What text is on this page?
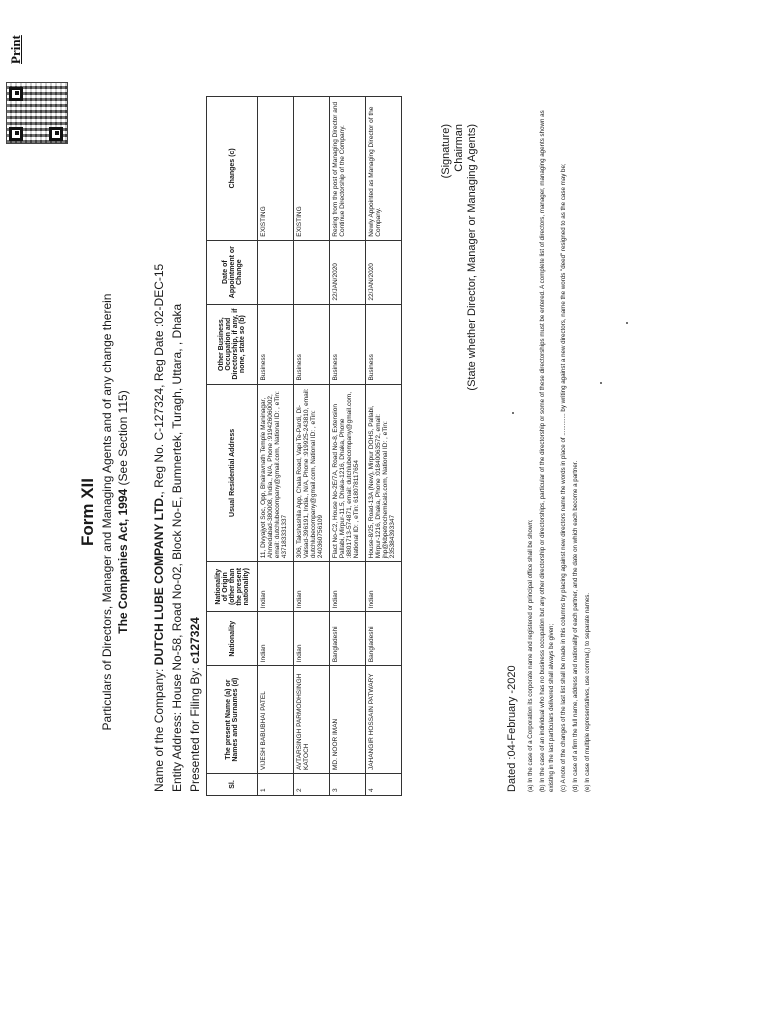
Print
Form XII Particulars of Directors, Manager and Managing Agents and of any change therein The Companies Act, 1994 (See Section 115)
Name of the Company: DUTCH LUBE COMPANY LTD., Reg No. C-127324, Reg Date :02-DEC-15 Entity Address: House No-58, Road No-02, Block No-E, Bumnertek, Turagh, Uttara, , Dhaka Presented for Filing By: c127324
Sl.	The present Name (a) or Names and Surnames (d)	Nationality	Nationality of Origin (other than the present nationality)	Usual Residential Address	Other Business, Occupation and Directorship, if any, if none, state so (b)	Date of Appointment or Change	Changes (c)
1	VIJESH BABUBHAI PATEL	Indian	Indian	11, Divyajyot Soc, Opp, Bhairavnath Temple Maninagar, Ahmedabad-380008, India., N/A, Phone :919426060002, email: dutchlubecompany@gmail.com, National ID: , eTin: 437183331337	Business		EXISTING
2	AVTARSINGH PARMODHSINGH KATOCH	Indian	Indian	306, Takshashila App, Chala Road, Vapi Te-Pardi, Di-Valsad-396191, India., N/A, Phone :919925-243810, email: dutchlubecompany@gmail.com, National ID: , eTin: 240360756109	Business		EXISTING
3	MD. NOOR IMAN	Bangladeshi	Indian	Flact No-C2, House No-2E/7A, Road No-8, Extension Pallabi, Mirpur-11.5, Dhaka-1216, Dhaka, Phone :8801713-574871, email: dutchlubecompany@gmail.com, National ID: , eTin: 618078117654	Business	22/JAN/2020	Resing from the post of Managing Director and Continue Directorship of the Company.
4	JAHANGIR HOSSAIN PATWARY	Bangladeshi	Indian	House-8/25, Road-13A (New), Mirpur DOHS, Pallabi, Mirpur-1216, Dhaka, Phone :01840063572, email: jhp@kbpetrochemicals.com, National ID: , eTin: 235384393347	Business	22/JAN/2020	Newly Appointed as Managing Director of the Company.
(Signature) Chairman (State whether Director, Manager or Managing Agents)
Dated :04-February -2020 (a) In the case of a Corporation its corporate name and registered or principal office shall be shown; (b) In the case of an individual who has no business occupation but any other directorship or directorships, particular of the directorship or some of these directorships must be entered. A complete list of directors, manager, managing agents shown as existing in the last particulars delivered shall always be given; (c) A note of the changes of the last list shall be made in this columns by placing against new directors name the words in place of ............. by writing against a new directors, name the words "deed" resigned to as the case may be; (d) In case of a firm the full name, address and nationality of each partner, and the date on which each become a partner. (e) In case of multiple representatives, use comma(,) to separate names.
